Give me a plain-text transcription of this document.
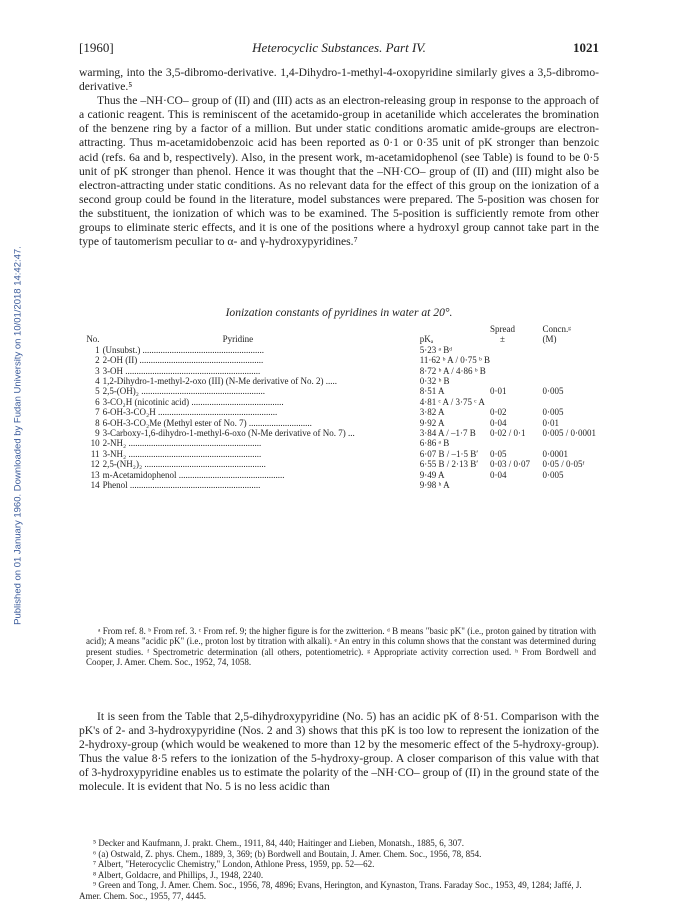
Published on 01 January 1960. Downloaded by Fudan University on 10/01/2018 14:42:47.
[1960]	Heterocyclic Substances. Part IV.	1021

warming, into the 3,5-dibromo-derivative. 1,4-Dihydro-1-methyl-4-oxopyridine similarly gives a 3,5-dibromo-derivative.⁵

Thus the –NH·CO– group of (II) and (III) acts as an electron-releasing group in response to the approach of a cationic reagent. This is reminiscent of the acetamido-group in acetanilide which accelerates the bromination of the benzene ring by a factor of a million. But under static conditions aromatic amide-groups are electron-attracting. Thus m-acetamidobenzoic acid has been reported as 0·1 or 0·35 unit of pK stronger than benzoic acid (refs. 6a and b, respectively). Also, in the present work, m-acetamidophenol (see Table) is found to be 0·5 unit of pK stronger than phenol. Hence it was thought that the –NH·CO– group of (II) and (III) might also be electron-attracting under static conditions. As no relevant data for the effect of this group on the ionization of a second group could be found in the literature, model substances were prepared. The 5-position was chosen for the substituent, the ionization of which was to be examined. The 5-position is sufficiently remote from other groups to eliminate steric effects, and it is one of the positions where a hydroxyl group cannot take part in the type of tautomerism peculiar to α- and γ-hydroxypyridines.⁷

Ionization constants of pyridines in water at 20°.
			Spread	Concn.ᵍ
No.	Pyridine	pKₐ	±	(M)
1	(Unsubst.) ......................................................	5·23 ᵃ Bᵈ		
2	2-OH (II) .......................................................	11·62 ᵇ A / 0·75 ᵇ B		
3	3-OH ............................................................	8·72 ᵇ A / 4·86 ᵇ B		
4	1,2-Dihydro-1-methyl-2-oxo (III) (N-Me derivative of No. 2) .....	0·32 ᵇ B		
5	2,5-(OH)₂ .......................................................	8·51 A	0·01	0·005
6	3-CO₂H (nicotinic acid) .........................................	4·81 ᶜ A / 3·75 ᶜ A		
7	6-OH-3-CO₂H .....................................................	3·82 A	0·02	0·005
8	6-OH-3-CO₂Me (Methyl ester of No. 7) ............................	9·92 A	0·04	0·01
9	3-Carboxy-1,6-dihydro-1-methyl-6-oxo (N-Me derivative of No. 7) ...	3·84 A / –1·7 B	0·02 / 0·1	0·005 / 0·0001
10	2-NH₂ ...........................................................	6·86 ᵃ B		
11	3-NH₂ ...........................................................	6·07 B / –1·5 B′	0·05	0·0001
12	2,5-(NH₂)₂ ......................................................	6·55 B / 2·13 B′	0·03 / 0·07	0·05 / 0·05ᶠ
13	m-Acetamidophenol ...............................................	9·49 A	0·04	0·005
14	Phenol ..........................................................	9·98 ʰ A		

ᵃ From ref. 8. ᵇ From ref. 3. ᶜ From ref. 9; the higher figure is for the zwitterion. ᵈ B means "basic pK" (i.e., proton gained by titration with acid); A means "acidic pK" (i.e., proton lost by titration with alkali). ᵉ An entry in this column shows that the constant was determined during present studies. ᶠ Spectrometric determination (all others, potentiometric). ᵍ Appropriate activity correction used. ʰ From Bordwell and Cooper, J. Amer. Chem. Soc., 1952, 74, 1058.

It is seen from the Table that 2,5-dihydroxypyridine (No. 5) has an acidic pK of 8·51. Comparison with the pK's of 2- and 3-hydroxypyridine (Nos. 2 and 3) shows that this pK is too low to represent the ionization of the 2-hydroxy-group (which would be weakened to more than 12 by the mesomeric effect of the 5-hydroxy-group). Thus the value 8·5 refers to the ionization of the 5-hydroxy-group. A closer comparison of this value with that of 3-hydroxypyridine enables us to estimate the polarity of the –NH·CO– group of (II) in the ground state of the molecule. It is evident that No. 5 is no less acidic than

⁵ Decker and Kaufmann, J. prakt. Chem., 1911, 84, 440; Haitinger and Lieben, Monatsh., 1885, 6, 307.

⁶ (a) Ostwald, Z. phys. Chem., 1889, 3, 369; (b) Bordwell and Boutain, J. Amer. Chem. Soc., 1956, 78, 854.

⁷ Albert, "Heterocyclic Chemistry," London, Athlone Press, 1959, pp. 52—62.

⁸ Albert, Goldacre, and Phillips, J., 1948, 2240.

⁹ Green and Tong, J. Amer. Chem. Soc., 1956, 78, 4896; Evans, Herington, and Kynaston, Trans. Faraday Soc., 1953, 49, 1284; Jaffé, J. Amer. Chem. Soc., 1955, 77, 4445.
